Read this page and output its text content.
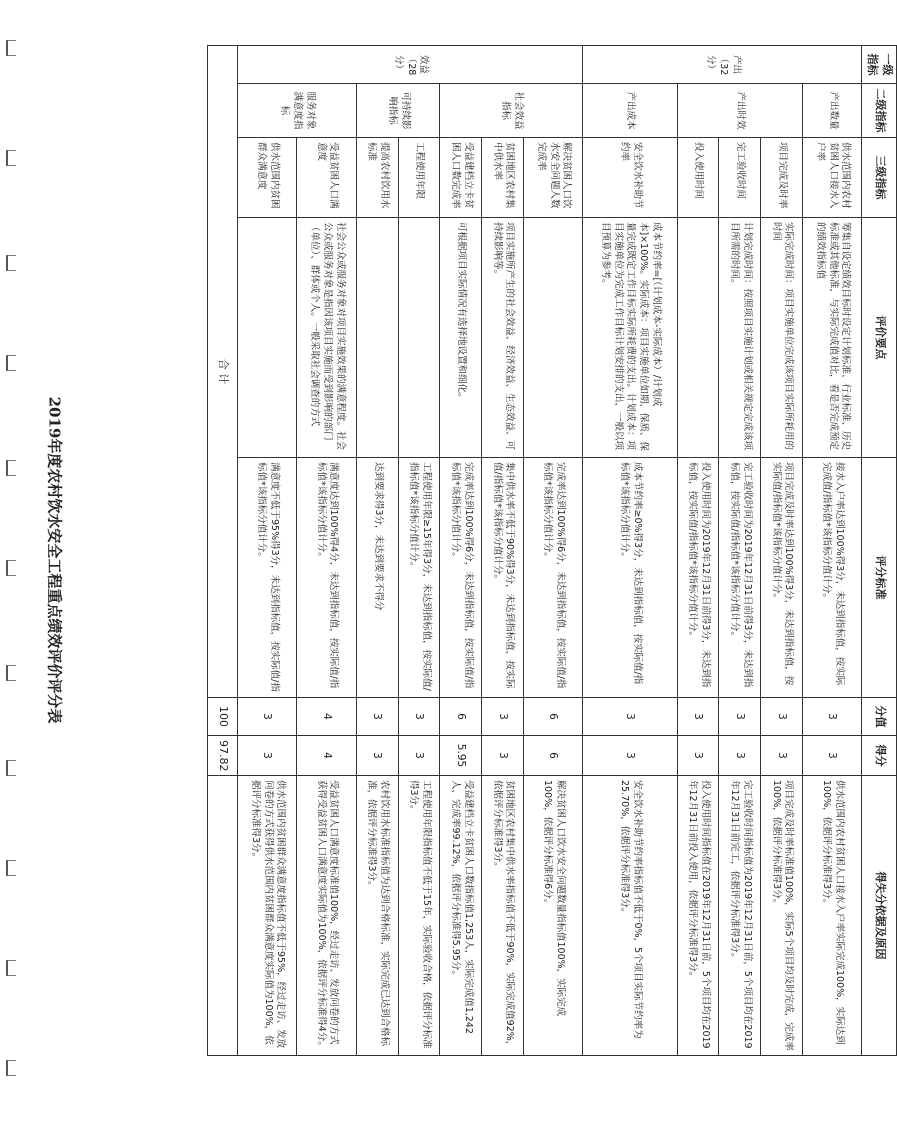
2019年度农村饮水安全工程重点绩效评价评分表
一级指标	二级指标	三级指标	评价要点	评分标准	分值	得分	得失分依据及原因
产出（32分）	产出数量	供水范围内农村贫困人口接水入户率	筹集自设定绩效目标时设定计划标准、行业标准、历史标准或其他标准，与实际完成值对比，看是否完成预定的绩效指标值	接水入户率达到100%得3分，未达到指标值，按实际完成值/指标值*该指标分值计分。	3	3	供水范围内农村贫困人口接水入户率实际完成100%，实际达到100%，依据评分标准得3分。
	产出时效	项目完成及时率	实际完成时间：项目实施单位完成该项目实际所耗用的时间	项目完成及时率达到100%得3分，未达到指标值，按实际值/指标值*该指标分值计分。	3	3	项目完成及时率标准值100%，实际5个项目均及时完成，完成率100%，依据评分标准得3分。
		完工验收时间	计划完成时间：按照项目实施计划或相关规定完成该项目所需的时间。	完工验收时间为2019年12月31日前得3分，未达到指标值，按实际值/指标值*该指标分值计分。	3	3	完工验收时间指标值为2019年12月31日前，5个项目均在2019年12月31日前完工，依据评分标准得3分。
		投入使用时间		投入使用时间为2019年12月31日前得3分，未达到指标值，按实际值/指标值*该指标分值计分。	3	3	投入使用时间指标值在2019年12月31日前，5个项目均在2019年12月31日前投入使用，依据评分标准得3分。
	产出成本	安全饮水补助节约率	成本节约率=[（计划成本-实际成本）/计划成本]×100%。实际成本：项目实施单位如期、保质、保量完成既定工作目标实际所耗费的支出。计划成本：项目实施单位为完成工作目标计划安排的支出，一般以项目预算为参考。	成本节约率≥0%得3分，未达到指标值，按实际值/指标值*该指标分值计分。	3	3	安全饮水补助节约率指标值不低于0%，5个项目实际节约率为25.70%，依据评分标准得3分。
效益（28分）	社会效益指标	解决贫困人口饮水安全问题人数完成率		完成率达到100%得6分，未达到指标值，按实际值/指标值*该指标分值计分。	6	6	解决贫困人口饮水安全问题数量指标值100%，实际完成100%，依据评分标准得6分。
		贫困地区农村集中供水率	项目实施所产生的社会效益、经济效益、生态效益、可持续影响等。	集中供水率不低于90%得3分，未达到指标值，按实际值/指标值*该指标分值计分。	3	3	贫困地区农村集中供水率指标值不低于90%，实际完成值92%，依据评分标准得3分。
		受益建档立卡贫困人口数完成率	可根据项目实际情况有选择地设置和细化。	完成率达到100%得6分，未达到指标值，按实际值/指标值*该指标分值计分。	6	5.95	受益建档立卡贫困人口数指标值1,253人，实际完成值1,242人，完成率99.12%，依据评分标准得5.95分。
	可持续影响指标	工程使用年限		工程使用年限≥15年得3分，未达到指标值，按实际值/指标值*该指标分值计分。	3	3	工程使用年限指标值不低于15年，实际验收合格，依据评分标准得3分。
		提高农村饮用水标准		达到要求得3分，未达到要求不得分	3	3	农村饮用水标准指标值为达到合格标准，实际完成已达到合格标准，依据评分标准得3分。
	服务对象满意度指标	受益贫困人口满意度	社会公众或服务对象对项目实施效果的满意程度。社会公众或服务对象是指因该项目实施而受到影响的部门（单位）、群体或个人。一般采取社会调查的方式	满意度达到100%得4分，未达到指标值，按实际值/指标值*该指标分值计分。	4	4	受益贫困人口满意度标准值100%，经过走访、发放问卷的方式获得受益贫困人口满意度实际值为100%，依据评分标准得4分。
		供水范围内贫困群众满意度		满意度不低于95%得3分，未达到指标值，按实际值/指标值*该指标分值计分。	3	3	供水范围内贫困群众满意度指标值不低于95%，经过走访、发放问卷的方式获得供水范围内贫困群众满意度实际值为100%，依据评分标准得3分。
合 计					100	97.82	
